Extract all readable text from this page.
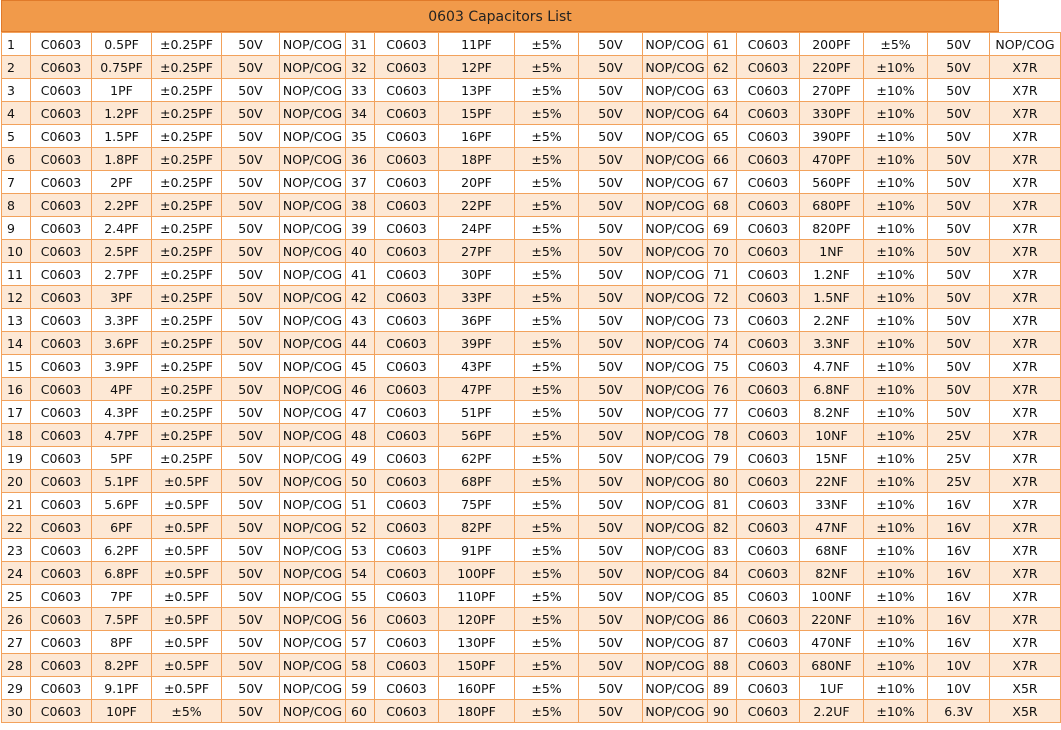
0603 Capacitors List
1	C0603	0.5PF	±0.25PF	50V	NOP/COG	31	C0603	11PF	±5%	50V	NOP/COG	61	C0603	200PF	±5%	50V	NOP/COG
2	C0603	0.75PF	±0.25PF	50V	NOP/COG	32	C0603	12PF	±5%	50V	NOP/COG	62	C0603	220PF	±10%	50V	X7R
3	C0603	1PF	±0.25PF	50V	NOP/COG	33	C0603	13PF	±5%	50V	NOP/COG	63	C0603	270PF	±10%	50V	X7R
4	C0603	1.2PF	±0.25PF	50V	NOP/COG	34	C0603	15PF	±5%	50V	NOP/COG	64	C0603	330PF	±10%	50V	X7R
5	C0603	1.5PF	±0.25PF	50V	NOP/COG	35	C0603	16PF	±5%	50V	NOP/COG	65	C0603	390PF	±10%	50V	X7R
6	C0603	1.8PF	±0.25PF	50V	NOP/COG	36	C0603	18PF	±5%	50V	NOP/COG	66	C0603	470PF	±10%	50V	X7R
7	C0603	2PF	±0.25PF	50V	NOP/COG	37	C0603	20PF	±5%	50V	NOP/COG	67	C0603	560PF	±10%	50V	X7R
8	C0603	2.2PF	±0.25PF	50V	NOP/COG	38	C0603	22PF	±5%	50V	NOP/COG	68	C0603	680PF	±10%	50V	X7R
9	C0603	2.4PF	±0.25PF	50V	NOP/COG	39	C0603	24PF	±5%	50V	NOP/COG	69	C0603	820PF	±10%	50V	X7R
10	C0603	2.5PF	±0.25PF	50V	NOP/COG	40	C0603	27PF	±5%	50V	NOP/COG	70	C0603	1NF	±10%	50V	X7R
11	C0603	2.7PF	±0.25PF	50V	NOP/COG	41	C0603	30PF	±5%	50V	NOP/COG	71	C0603	1.2NF	±10%	50V	X7R
12	C0603	3PF	±0.25PF	50V	NOP/COG	42	C0603	33PF	±5%	50V	NOP/COG	72	C0603	1.5NF	±10%	50V	X7R
13	C0603	3.3PF	±0.25PF	50V	NOP/COG	43	C0603	36PF	±5%	50V	NOP/COG	73	C0603	2.2NF	±10%	50V	X7R
14	C0603	3.6PF	±0.25PF	50V	NOP/COG	44	C0603	39PF	±5%	50V	NOP/COG	74	C0603	3.3NF	±10%	50V	X7R
15	C0603	3.9PF	±0.25PF	50V	NOP/COG	45	C0603	43PF	±5%	50V	NOP/COG	75	C0603	4.7NF	±10%	50V	X7R
16	C0603	4PF	±0.25PF	50V	NOP/COG	46	C0603	47PF	±5%	50V	NOP/COG	76	C0603	6.8NF	±10%	50V	X7R
17	C0603	4.3PF	±0.25PF	50V	NOP/COG	47	C0603	51PF	±5%	50V	NOP/COG	77	C0603	8.2NF	±10%	50V	X7R
18	C0603	4.7PF	±0.25PF	50V	NOP/COG	48	C0603	56PF	±5%	50V	NOP/COG	78	C0603	10NF	±10%	25V	X7R
19	C0603	5PF	±0.25PF	50V	NOP/COG	49	C0603	62PF	±5%	50V	NOP/COG	79	C0603	15NF	±10%	25V	X7R
20	C0603	5.1PF	±0.5PF	50V	NOP/COG	50	C0603	68PF	±5%	50V	NOP/COG	80	C0603	22NF	±10%	25V	X7R
21	C0603	5.6PF	±0.5PF	50V	NOP/COG	51	C0603	75PF	±5%	50V	NOP/COG	81	C0603	33NF	±10%	16V	X7R
22	C0603	6PF	±0.5PF	50V	NOP/COG	52	C0603	82PF	±5%	50V	NOP/COG	82	C0603	47NF	±10%	16V	X7R
23	C0603	6.2PF	±0.5PF	50V	NOP/COG	53	C0603	91PF	±5%	50V	NOP/COG	83	C0603	68NF	±10%	16V	X7R
24	C0603	6.8PF	±0.5PF	50V	NOP/COG	54	C0603	100PF	±5%	50V	NOP/COG	84	C0603	82NF	±10%	16V	X7R
25	C0603	7PF	±0.5PF	50V	NOP/COG	55	C0603	110PF	±5%	50V	NOP/COG	85	C0603	100NF	±10%	16V	X7R
26	C0603	7.5PF	±0.5PF	50V	NOP/COG	56	C0603	120PF	±5%	50V	NOP/COG	86	C0603	220NF	±10%	16V	X7R
27	C0603	8PF	±0.5PF	50V	NOP/COG	57	C0603	130PF	±5%	50V	NOP/COG	87	C0603	470NF	±10%	16V	X7R
28	C0603	8.2PF	±0.5PF	50V	NOP/COG	58	C0603	150PF	±5%	50V	NOP/COG	88	C0603	680NF	±10%	10V	X7R
29	C0603	9.1PF	±0.5PF	50V	NOP/COG	59	C0603	160PF	±5%	50V	NOP/COG	89	C0603	1UF	±10%	10V	X5R
30	C0603	10PF	±5%	50V	NOP/COG	60	C0603	180PF	±5%	50V	NOP/COG	90	C0603	2.2UF	±10%	6.3V	X5R
